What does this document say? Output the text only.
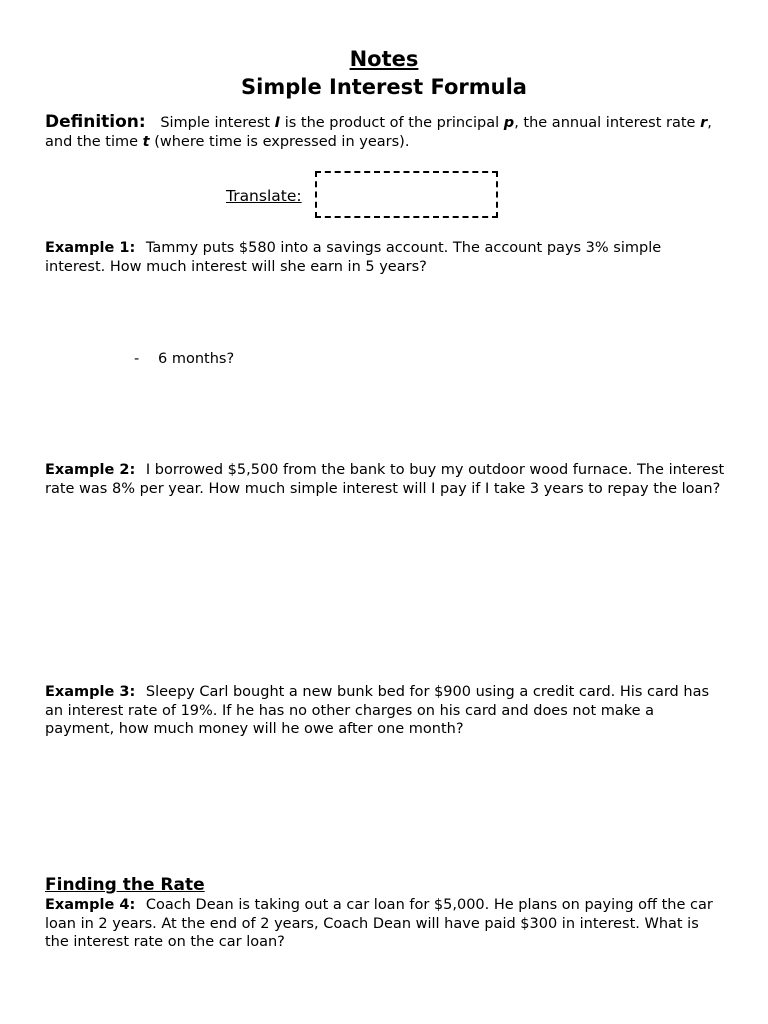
Notes
Simple Interest Formula
Definition: Simple interest I is the product of the principal p, the annual interest rate r, and the time t (where time is expressed in years).
Translate:
Example 1: Tammy puts $580 into a savings account. The account pays 3% simple interest. How much interest will she earn in 5 years?
- 6 months?
Example 2: I borrowed $5,500 from the bank to buy my outdoor wood furnace. The interest rate was 8% per year. How much simple interest will I pay if I take 3 years to repay the loan?
Example 3: Sleepy Carl bought a new bunk bed for $900 using a credit card. His card has an interest rate of 19%. If he has no other charges on his card and does not make a payment, how much money will he owe after one month?
Finding the Rate
Example 4: Coach Dean is taking out a car loan for $5,000. He plans on paying off the car loan in 2 years. At the end of 2 years, Coach Dean will have paid $300 in interest. What is the interest rate on the car loan?
